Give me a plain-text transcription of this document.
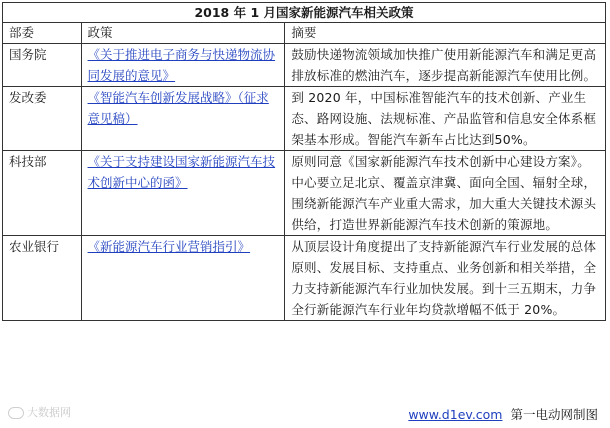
2018 年 1 月国家新能源汽车相关政策		
部委	政策	摘要
国务院	《关于推进电子商务与快递物流协同发展的意见》	鼓励快递物流领域加快推广使用新能源汽车和满足更高排放标准的燃油汽车，逐步提高新能源汽车使用比例。
发改委	《智能汽车创新发展战略》（征求意见稿）	到 2020 年，中国标准智能汽车的技术创新、产业生态、路网设施、法规标准、产品监管和信息安全体系框架基本形成。智能汽车新车占比达到50%。
科技部	《关于支持建设国家新能源汽车技术创新中心的函》	原则同意《国家新能源汽车技术创新中心建设方案》。中心要立足北京、覆盖京津冀、面向全国、辐射全球，围绕新能源汽车产业重大需求，加大重大关键技术源头供给，打造世界新能源汽车技术创新的策源地。
农业银行	《新能源汽车行业营销指引》	从顶层设计角度提出了支持新能源汽车行业发展的总体原则、发展目标、支持重点、业务创新和相关举措，全力支持新能源汽车行业加快发展。到十三五期末，力争全行新能源汽车行业年均贷款增幅不低于 20%。
大数据网	www.d1ev.com 第一电动网制图
